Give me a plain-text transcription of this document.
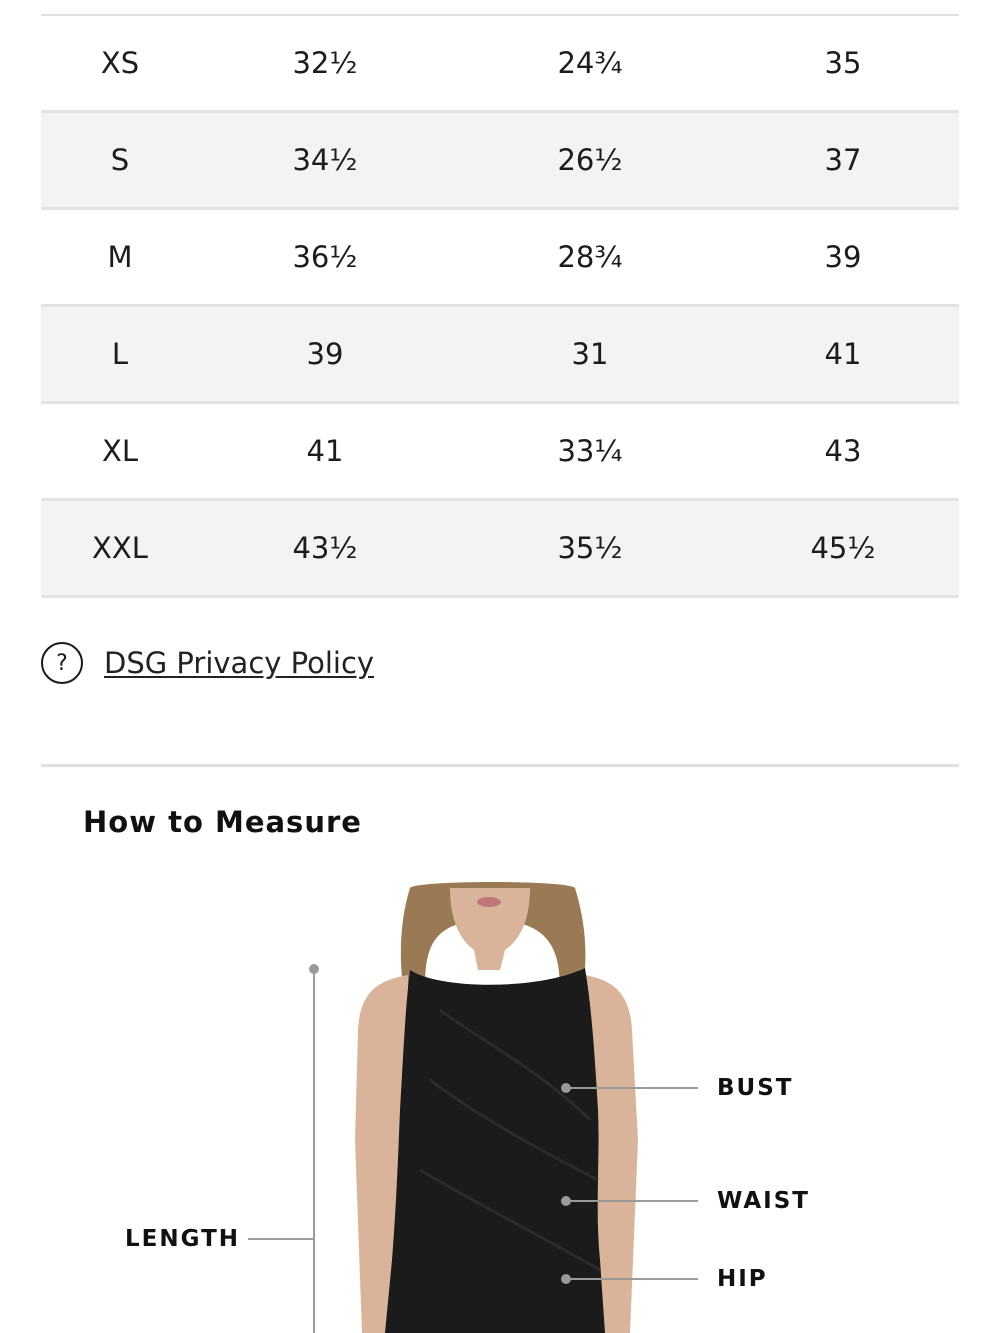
XS	32½	24¾	35
S	34½	26½	37
M	36½	28¾	39
L	39	31	41
XL	41	33¼	43
XXL	43½	35½	45½
?	DSG Privacy Policy
How to Measure
BUST
WAIST
HIP
LENGTH
